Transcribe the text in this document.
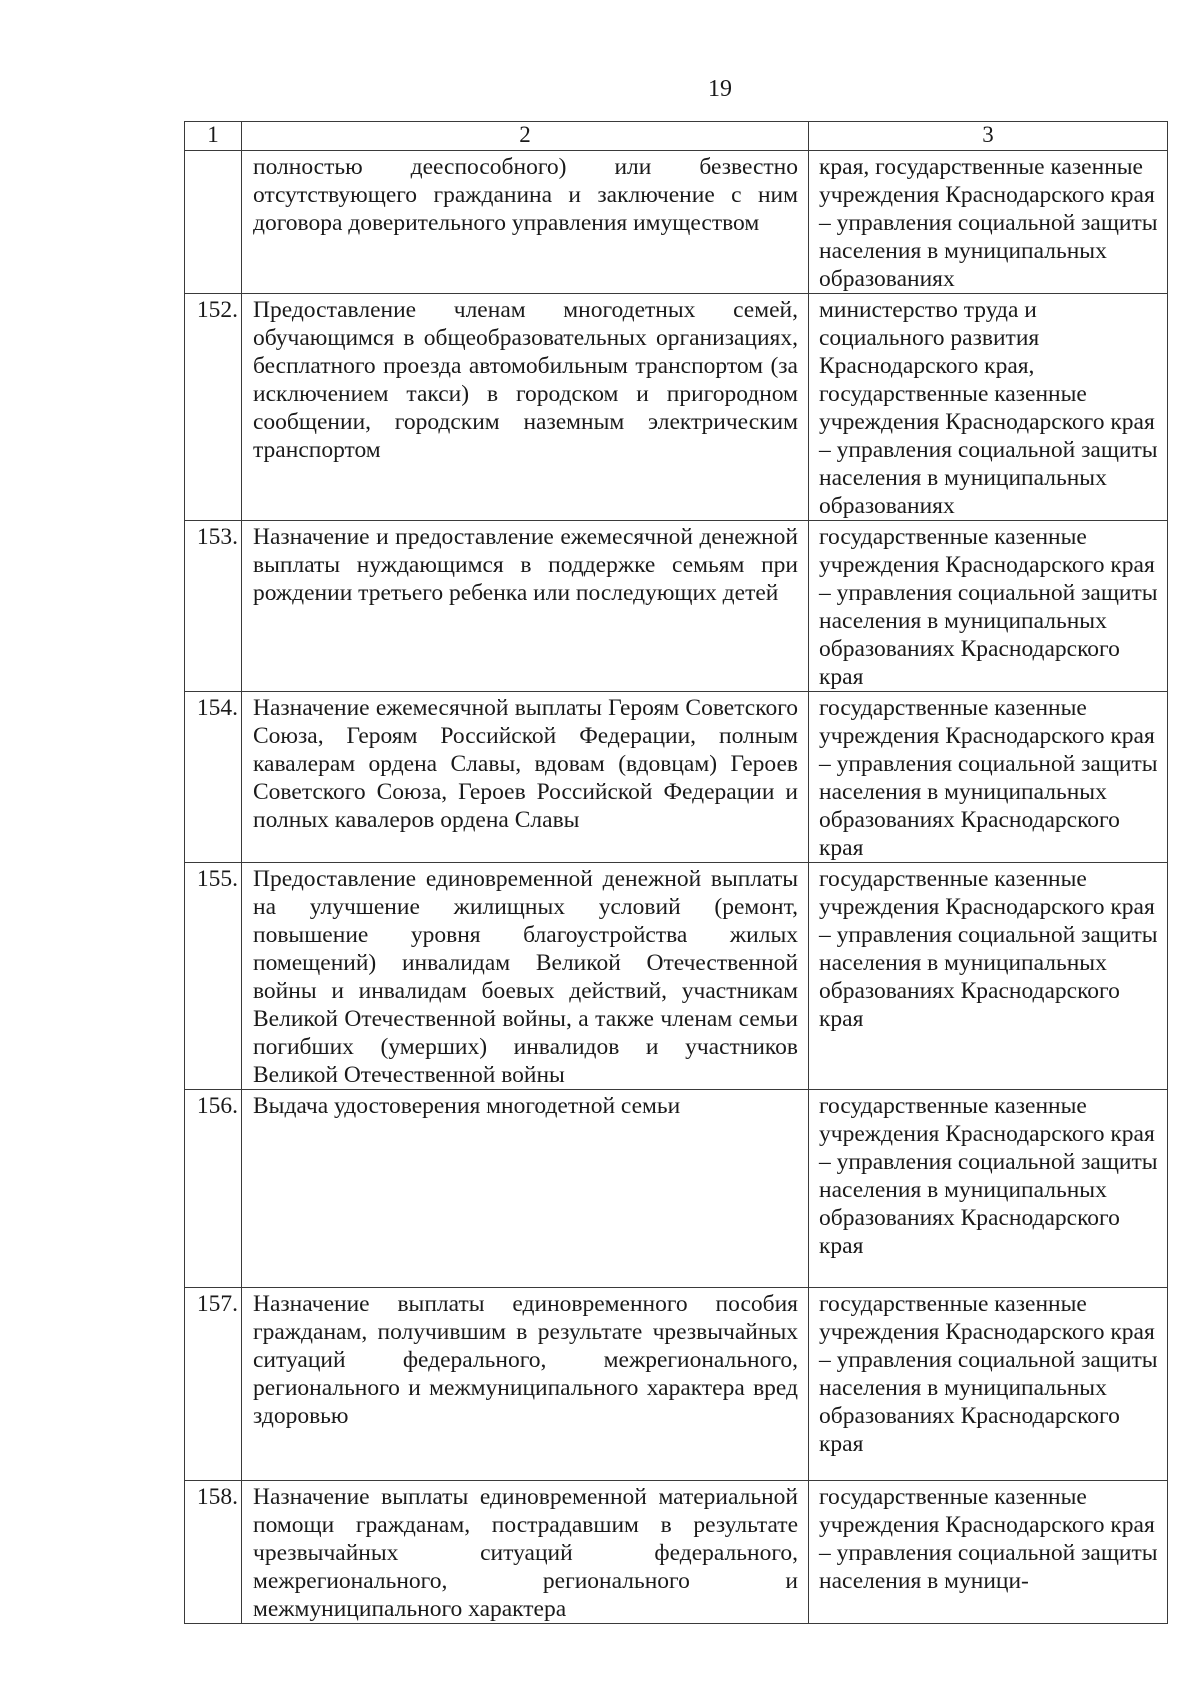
19
1	2	3
	полностью дееспособного) или безвестно отсутствующего гражданина и заключение с ним договора доверительного управления имуществом	края, государственные казенные учреждения Краснодарского края – управления социальной защиты населения в муниципальных образованиях
152.	Предоставление членам многодетных семей, обучающимся в общеобразовательных организациях, бесплатного проезда автомобильным транспортом (за исключением такси) в городском и пригородном сообщении, городским наземным электрическим транспортом	министерство труда и социального развития Краснодарского края, государственные казенные учреждения Краснодарского края – управления социальной защиты населения в муниципальных образованиях
153.	Назначение и предоставление ежемесячной денежной выплаты нуждающимся в поддержке семьям при рождении третьего ребенка или последующих детей	государственные казенные учреждения Краснодарского края – управления социальной защиты населения в муниципальных образованиях Краснодарского края
154.	Назначение ежемесячной выплаты Героям Советского Союза, Героям Российской Федерации, полным кавалерам ордена Славы, вдовам (вдовцам) Героев Советского Союза, Героев Российской Федерации и полных кавалеров ордена Славы	государственные казенные учреждения Краснодарского края – управления социальной защиты населения в муниципальных образованиях Краснодарского края
155.	Предоставление единовременной денежной выплаты на улучшение жилищных условий (ремонт, повышение уровня благоустройства жилых помещений) инвалидам Великой Отечественной войны и инвалидам боевых действий, участникам Великой Отечественной войны, а также членам семьи погибших (умерших) инвалидов и участников Великой Отечественной войны	государственные казенные учреждения Краснодарского края – управления социальной защиты населения в муниципальных образованиях Краснодарского края
156.	Выдача удостоверения многодетной семьи	государственные казенные учреждения Краснодарского края – управления социальной защиты населения в муниципальных образованиях Краснодарского края
157.	Назначение выплаты единовременного пособия гражданам, получившим в результате чрезвычайных ситуаций федерального, межрегионального, регионального и межмуниципального характера вред здоровью	государственные казенные учреждения Краснодарского края – управления социальной защиты населения в муниципальных образованиях Краснодарского края
158.	Назначение выплаты единовременной материальной помощи гражданам, пострадавшим в результате чрезвычайных ситуаций федерального, межрегионального, регионального и межмуниципального характера	государственные казенные учреждения Краснодарского края – управления социальной защиты населения в муници-
